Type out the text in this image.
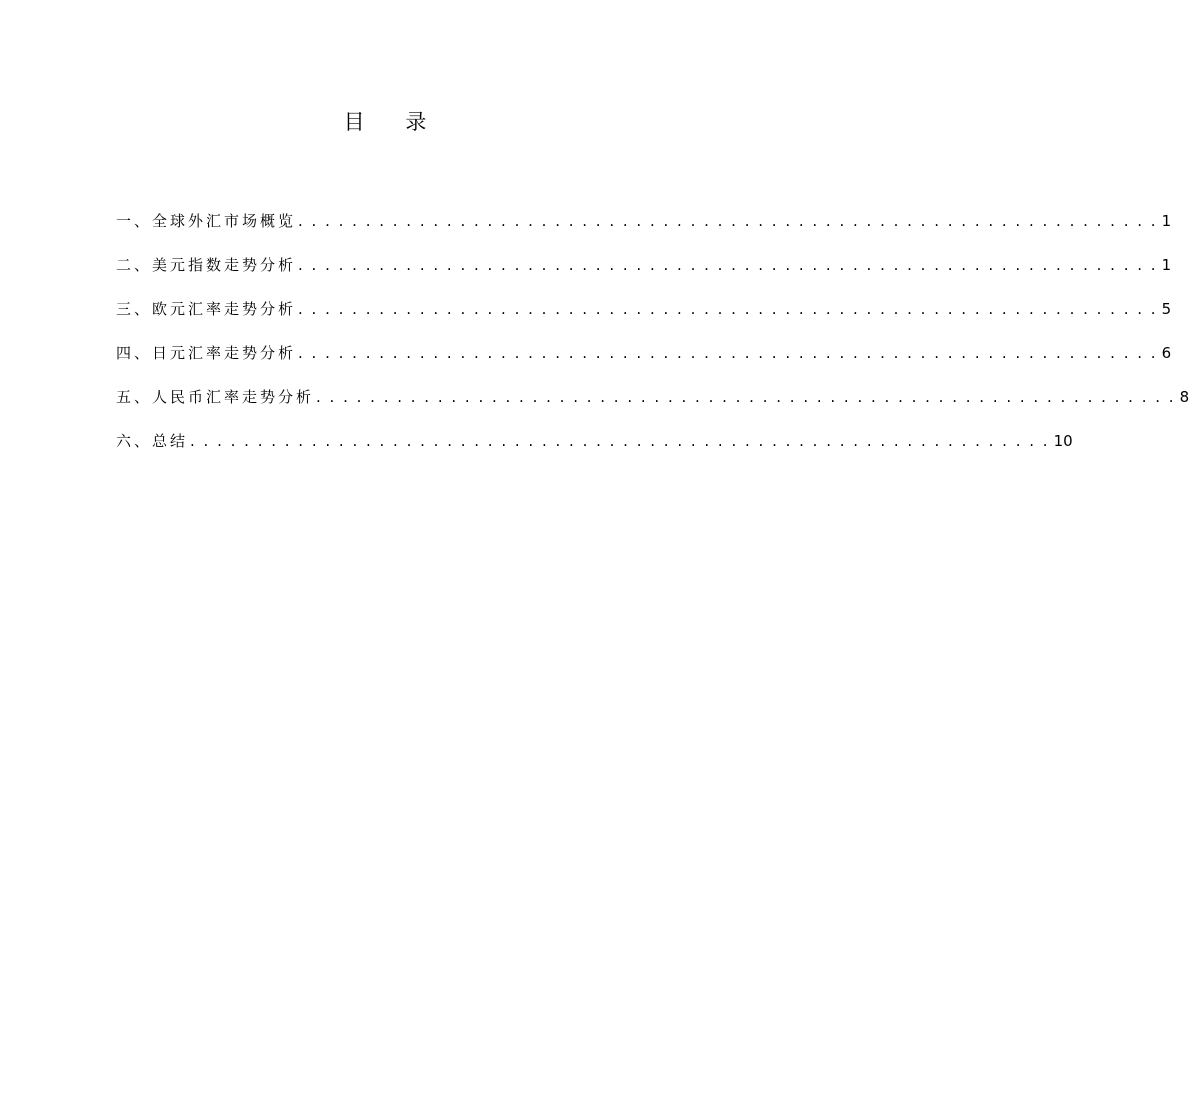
目 录
一、全球外汇市场概览 . . . . . . . . . . . . . . . . . . . . . . . . . . . . . . . . . . . . . . . . . . . . . . . . . . . . . . . . . . . . . . . . 1
二、美元指数走势分析 . . . . . . . . . . . . . . . . . . . . . . . . . . . . . . . . . . . . . . . . . . . . . . . . . . . . . . . . . . . . . . . . 1
三、欧元汇率走势分析 . . . . . . . . . . . . . . . . . . . . . . . . . . . . . . . . . . . . . . . . . . . . . . . . . . . . . . . . . . . . . . . . 5
四、日元汇率走势分析 . . . . . . . . . . . . . . . . . . . . . . . . . . . . . . . . . . . . . . . . . . . . . . . . . . . . . . . . . . . . . . . . 6
五、人民币汇率走势分析 . . . . . . . . . . . . . . . . . . . . . . . . . . . . . . . . . . . . . . . . . . . . . . . . . . . . . . . . . . . . . . . . 8
六、总结 . . . . . . . . . . . . . . . . . . . . . . . . . . . . . . . . . . . . . . . . . . . . . . . . . . . . . . . . . . . . . . . . 10
